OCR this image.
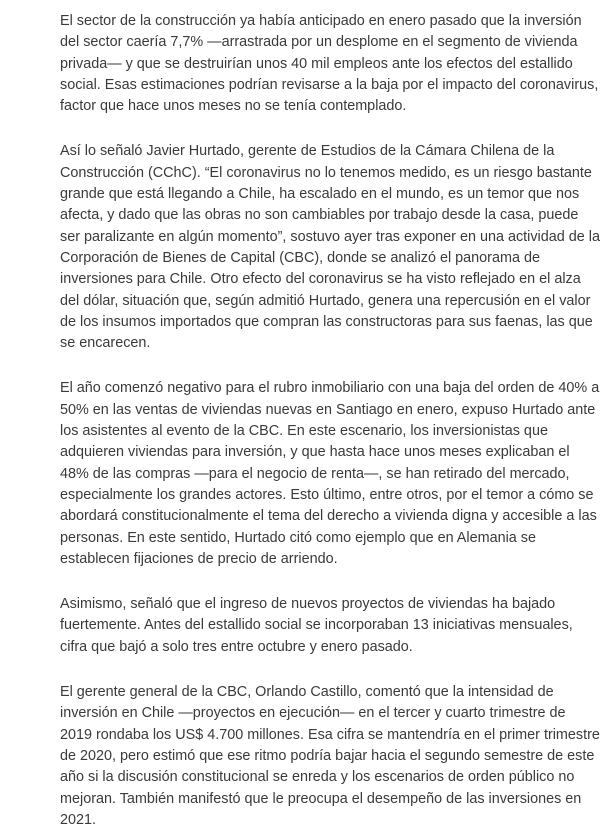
El sector de la construcción ya había anticipado en enero pasado que la inversión del sector caería 7,7% —arrastrada por un desplome en el segmento de vivienda privada— y que se destruirían unos 40 mil empleos ante los efectos del estallido social. Esas estimaciones podrían revisarse a la baja por el impacto del coronavirus, factor que hace unos meses no se tenía contemplado.

Así lo señaló Javier Hurtado, gerente de Estudios de la Cámara Chilena de la Construcción (CChC). “El coronavirus no lo tenemos medido, es un riesgo bastante grande que está llegando a Chile, ha escalado en el mundo, es un temor que nos afecta, y dado que las obras no son cambiables por trabajo desde la casa, puede ser paralizante en algún momento”, sostuvo ayer tras exponer en una actividad de la Corporación de Bienes de Capital (CBC), donde se analizó el panorama de inversiones para Chile. Otro efecto del coronavirus se ha visto reflejado en el alza del dólar, situación que, según admitió Hurtado, genera una repercusión en el valor de los insumos importados que compran las constructoras para sus faenas, las que se encarecen.

El año comenzó negativo para el rubro inmobiliario con una baja del orden de 40% a 50% en las ventas de viviendas nuevas en Santiago en enero, expuso Hurtado ante los asistentes al evento de la CBC. En este escenario, los inversionistas que adquieren viviendas para inversión, y que hasta hace unos meses explicaban el 48% de las compras —para el negocio de renta—, se han retirado del mercado, especialmente los grandes actores. Esto último, entre otros, por el temor a cómo se abordará constitucionalmente el tema del derecho a vivienda digna y accesible a las personas. En este sentido, Hurtado citó como ejemplo que en Alemania se establecen fijaciones de precio de arriendo.

Asimismo, señaló que el ingreso de nuevos proyectos de viviendas ha bajado fuertemente. Antes del estallido social se incorporaban 13 iniciativas mensuales, cifra que bajó a solo tres entre octubre y enero pasado.

El gerente general de la CBC, Orlando Castillo, comentó que la intensidad de inversión en Chile —proyectos en ejecución— en el tercer y cuarto trimestre de 2019 rondaba los US$ 4.700 millones. Esa cifra se mantendría en el primer trimestre de 2020, pero estimó que ese ritmo podría bajar hacia el segundo semestre de este año si la discusión constitucional se enreda y los escenarios de orden público no mejoran. También manifestó que le preocupa el desempeño de las inversiones en 2021.
